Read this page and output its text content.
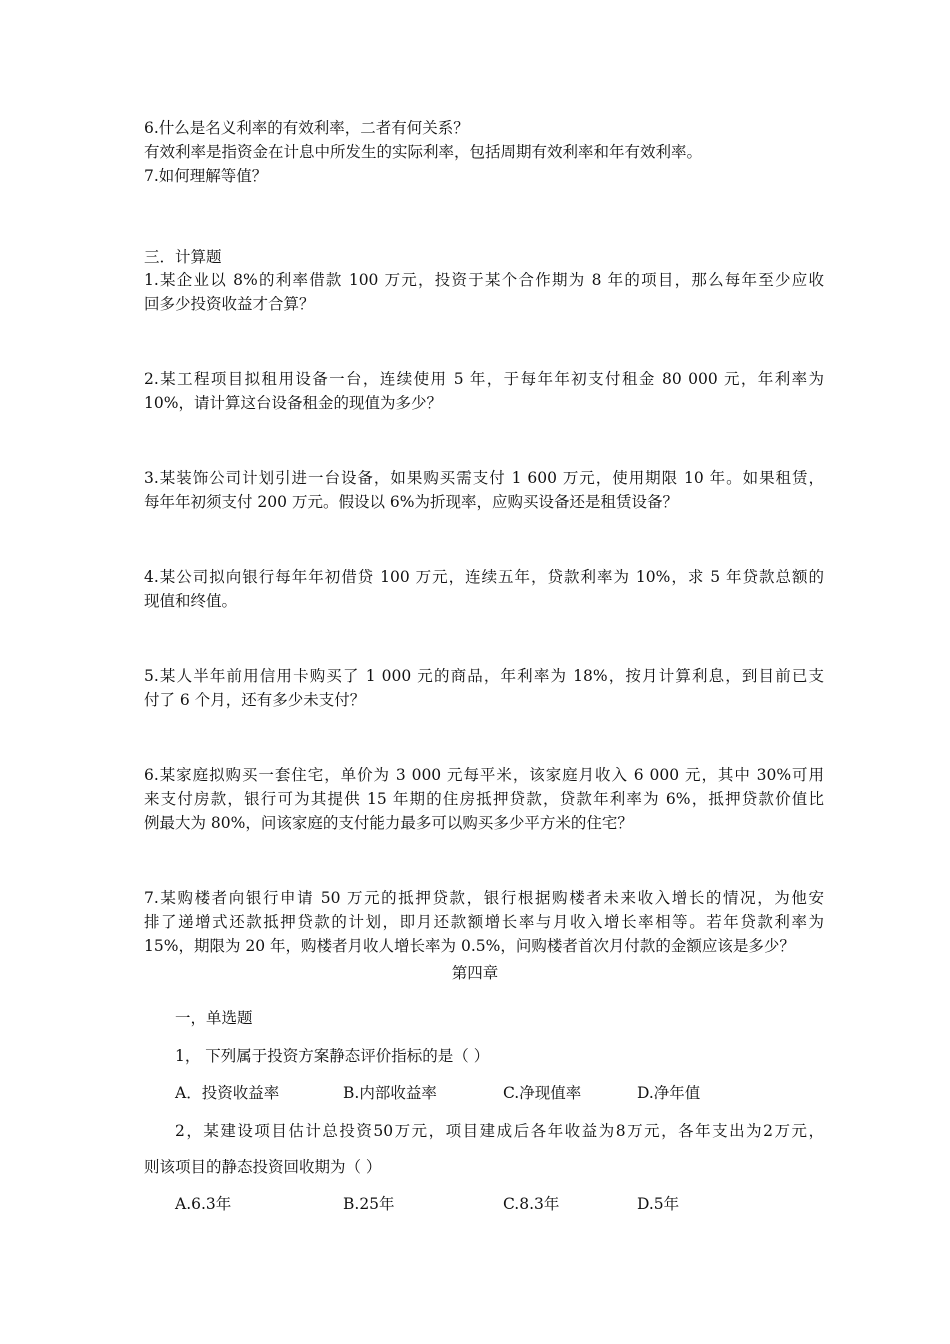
6.什么是名义利率的有效利率，二者有何关系？
有效利率是指资金在计息中所发生的实际利率，包括周期有效利率和年有效利率。
7.如何理解等值？
三．计算题
1.某企业以 8%的利率借款 100 万元，投资于某个合作期为 8 年的项目，那么每年至少应收
回多少投资收益才合算？
2.某工程项目拟租用设备一台，连续使用 5 年，于每年年初支付租金 80 000 元，年利率为
10%，请计算这台设备租金的现值为多少？
3.某装饰公司计划引进一台设备，如果购买需支付 1 600 万元，使用期限 10 年。如果租赁，
每年年初须支付 200 万元。假设以 6%为折现率，应购买设备还是租赁设备？
4.某公司拟向银行每年年初借贷 100 万元，连续五年，贷款利率为 10%，求 5 年贷款总额的
现值和终值。
5.某人半年前用信用卡购买了 1 000 元的商品，年利率为 18%，按月计算利息，到目前已支
付了 6 个月，还有多少未支付？
6.某家庭拟购买一套住宅，单价为 3 000 元每平米，该家庭月收入 6 000 元，其中 30%可用
来支付房款，银行可为其提供 15 年期的住房抵押贷款，贷款年利率为 6%，抵押贷款价值比
例最大为 80%，问该家庭的支付能力最多可以购买多少平方米的住宅？
7.某购楼者向银行申请 50 万元的抵押贷款，银行根据购楼者未来收入增长的情况，为他安
排了递增式还款抵押贷款的计划，即月还款额增长率与月收入增长率相等。若年贷款利率为
15%，期限为 20 年，购楼者月收人增长率为 0.5%，问购楼者首次月付款的金额应该是多少？
第四章
一，单选题
1， 下列属于投资方案静态评价指标的是（ ）
A．投资收益率	B.内部收益率	C.净现值率	D.净年值
2，某建设项目估计总投资50万元，项目建成后各年收益为8万元，各年支出为2万元，
则该项目的静态投资回收期为（ ）
A.6.3年	B.25年	C.8.3年	D.5年
